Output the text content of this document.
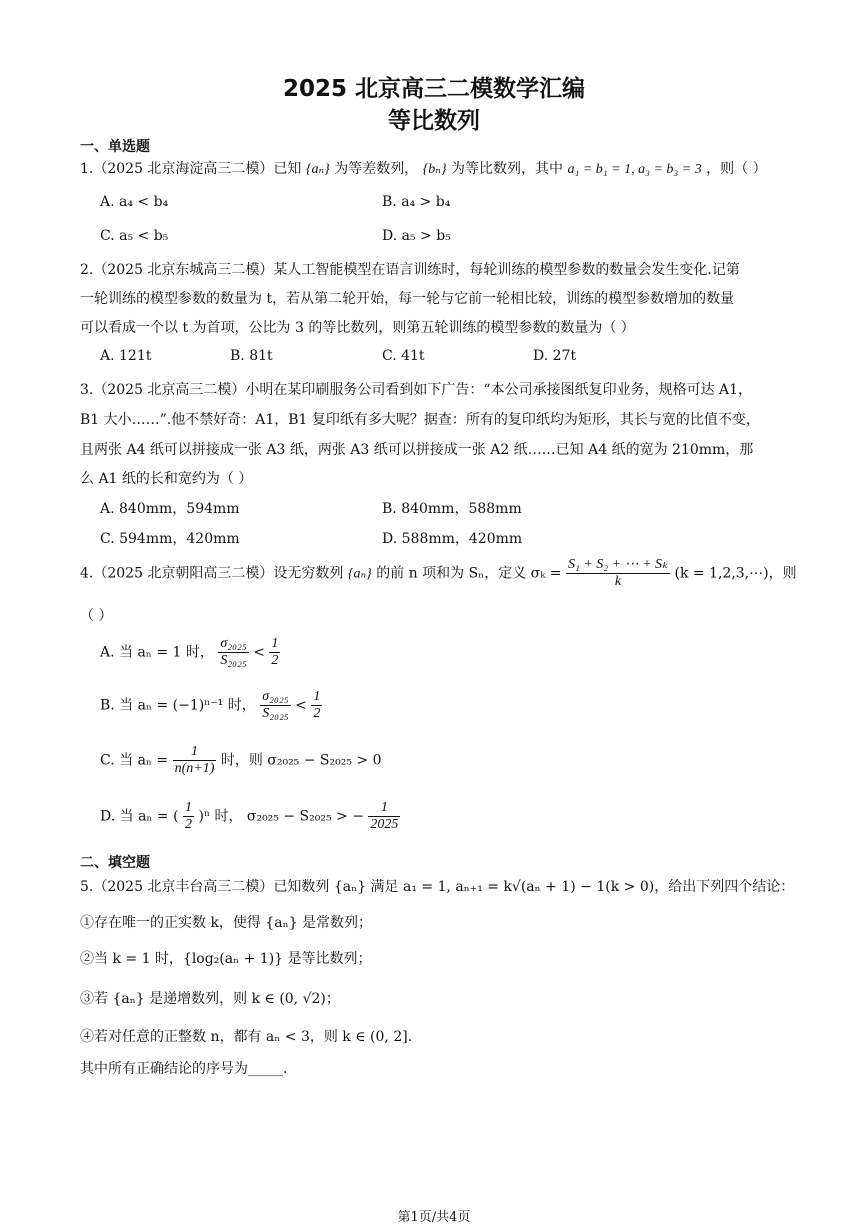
2025 北京高三二模数学汇编
等比数列
一、单选题
1.（2025 北京海淀高三二模）已知 {aₙ} 为等差数列， {bₙ} 为等比数列，其中 a₁ = b₁ = 1, a₃ = b₃ = 3 ，则（ ）
A. a₄ < b₄	B. a₄ > b₄
C. a₅ < b₅	D. a₅ > b₅
2.（2025 北京东城高三二模）某人工智能模型在语言训练时，每轮训练的模型参数的数量会发生变化.记第
一轮训练的模型参数的数量为 t，若从第二轮开始，每一轮与它前一轮相比较，训练的模型参数增加的数量
可以看成一个以 t 为首项，公比为 3 的等比数列，则第五轮训练的模型参数的数量为（ ）
A. 121t	B. 81t	C. 41t	D. 27t
3.（2025 北京高三二模）小明在某印刷服务公司看到如下广告：“本公司承接图纸复印业务，规格可达 A1，
B1 大小……”.他不禁好奇：A1，B1 复印纸有多大呢？据查：所有的复印纸均为矩形，其长与宽的比值不变，
且两张 A4 纸可以拼接成一张 A3 纸，两张 A3 纸可以拼接成一张 A2 纸……已知 A4 纸的宽为 210mm，那
么 A1 纸的长和宽约为（ ）
A. 840mm，594mm	B. 840mm，588mm
C. 594mm，420mm	D. 588mm，420mm
4.（2025 北京朝阳高三二模）设无穷数列 {aₙ} 的前 n 项和为 Sₙ，定义 $\sigma_k = \frac{\text{S₁ + S₂ + ⋯ + Sₖ}}{k} (k$ = 1,2,3,⋯)，则
（ ）
A. 当 aₙ = 1 时， $\frac{\text{σ₂₀₂₅}}{\text{S₂₀₂₅}} < \frac{1}{2}$
B. 当 aₙ = (−1)ⁿ⁻¹ 时， $\frac{\text{σ₂₀₂₅}}{\text{S₂₀₂₅}} < \frac{1}{2}$
C. 当 $a_n = \frac{1}{n(n+1)}$ 时，则 σ₂₀₂₅ − S₂₀₂₅ > 0
D. 当 aₙ = ( $\frac{1}{2} )^n$ 时， σ₂₀₂₅ − S₂₀₂₅ > − $\frac{1}{2025}$
二、填空题
5.（2025 北京丰台高三二模）已知数列 {aₙ} 满足 a₁ = 1, aₙ₊₁ = k√(aₙ + 1) − 1(k > 0)，给出下列四个结论：
①存在唯一的正实数 k，使得 {aₙ} 是常数列；
②当 k = 1 时，{log₂(aₙ + 1)} 是等比数列；
③若 {aₙ} 是递增数列，则 k ∈ (0, √2)；
④若对任意的正整数 n，都有 aₙ < 3，则 k ∈ (0, 2].
其中所有正确结论的序号为_____.
第1页/共4页
